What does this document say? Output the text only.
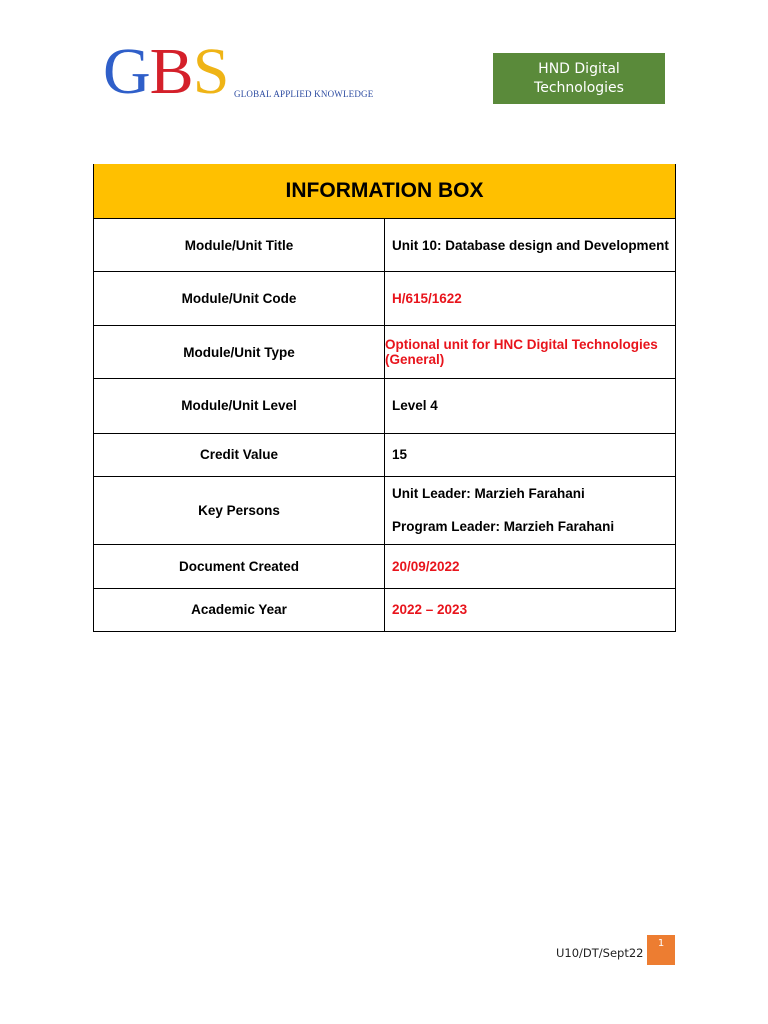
GBS GLOBAL APPLIED KNOWLEDGE
HND Digital Technologies
INFORMATION BOX	
Module/Unit Title	Unit 10: Database design and Development
Module/Unit Code	H/615/1622
Module/Unit Type	Optional unit for HNC Digital Technologies (General)
Module/Unit Level	Level 4
Credit Value	15
Key Persons	Unit Leader: Marzieh Farahani
Program Leader: Marzieh Farahani

Document Created	20/09/2022
Academic Year	2022 – 2023
U10/DT/Sept22
1
